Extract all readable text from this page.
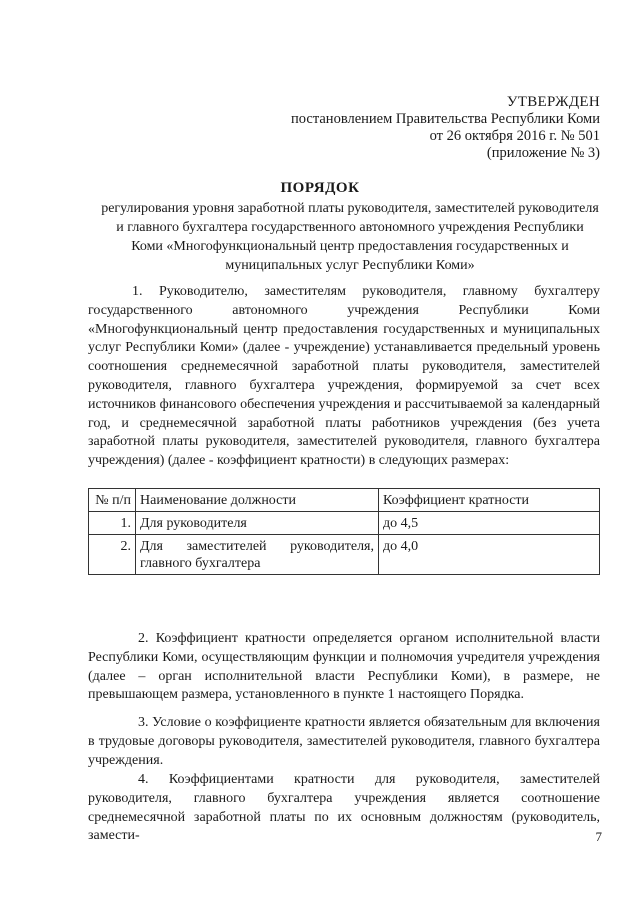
УТВЕРЖДЕН
постановлением Правительства Республики Коми
от 26 октября 2016 г. № 501
(приложение № 3)
ПОРЯДОК
регулирования уровня заработной платы руководителя, заместителей руководителя и главного бухгалтера государственного автономного учреждения Республики Коми «Многофункциональный центр предоставления государственных и муниципальных услуг Республики Коми»

1. Руководителю, заместителям руководителя, главному бухгалтеру государственного автономного учреждения Республики Коми «Многофункциональный центр предоставления государственных и муниципальных услуг Республики Коми» (далее - учреждение) устанавливается предельный уровень соотношения среднемесячной заработной платы руководителя, заместителей руководителя, главного бухгалтера учреждения, формируемой за счет всех источников финансового обеспечения учреждения и рассчитываемой за календарный год, и среднемесячной заработной платы работников учреждения (без учета заработной платы руководителя, заместителей руководителя, главного бухгалтера учреждения) (далее - коэффициент кратности) в следующих размерах:

№ п/п	Наименование должности	Коэффициент кратности
1.	Для руководителя	до 4,5
2.	Для заместителей руководителя, главного бухгалтера	до 4,0

2. Коэффициент кратности определяется органом исполнительной власти Республики Коми, осуществляющим функции и полномочия учредителя учреждения (далее – орган исполнительной власти Республики Коми), в размере, не превышающем размера, установленного в пункте 1 настоящего Порядка.

3. Условие о коэффициенте кратности является обязательным для включения в трудовые договоры руководителя, заместителей руководителя, главного бухгалтера учреждения.

4. Коэффициентами кратности для руководителя, заместителей руководителя, главного бухгалтера учреждения является соотношение среднемесячной заработной платы по их основным должностям (руководитель, замести-	7
